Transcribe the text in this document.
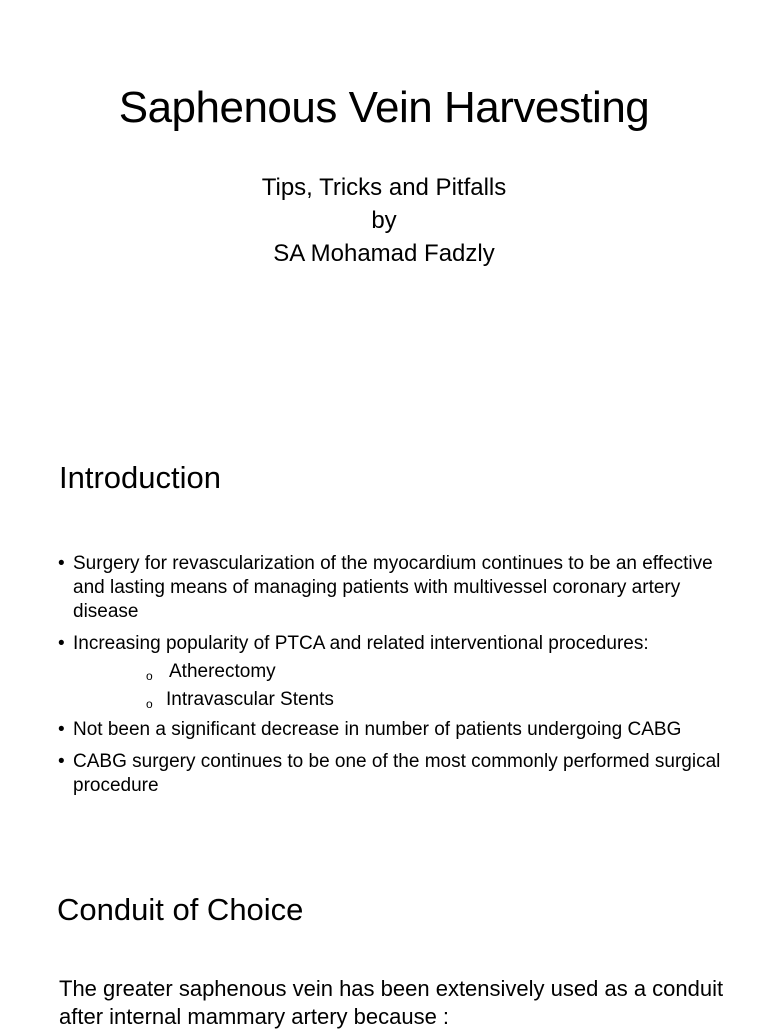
Saphenous Vein Harvesting
Tips, Tricks and Pitfalls
by
SA Mohamad Fadzly
Introduction
• Surgery for revascularization of the myocardium continues to be an effective and lasting means of managing patients with multivessel coronary artery disease
• Increasing popularity of PTCA and related interventional procedures:
o Atherectomy
o Intravascular Stents
• Not been a significant decrease in number of patients undergoing CABG
• CABG surgery continues to be one of the most commonly performed surgical procedure
Conduit of Choice
The greater saphenous vein has been extensively used as a conduit after internal mammary artery because :
